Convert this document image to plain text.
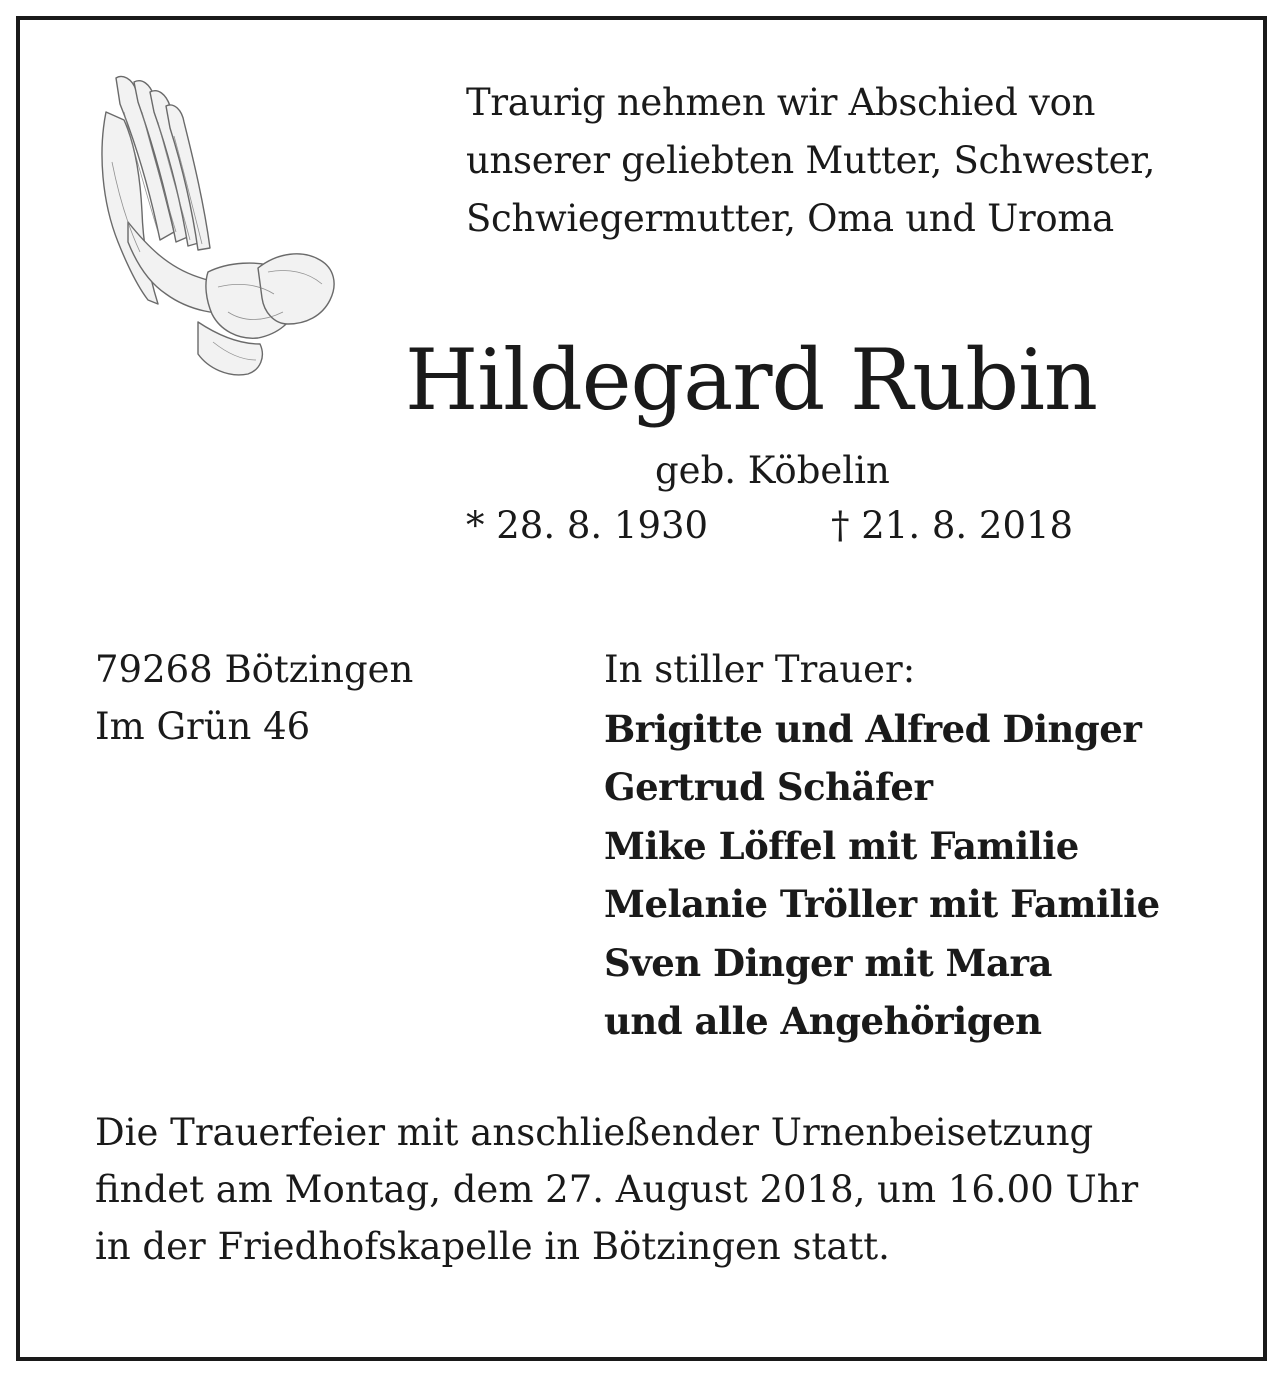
Traurig nehmen wir Abschied von
unserer geliebten Mutter, Schwester,
Schwiegermutter, Oma und Uroma
Hildegard Rubin
geb. Köbelin
* 28. 8. 1930	† 21. 8. 2018
79268 Bötzingen
Im Grün 46
In stiller Trauer:
Brigitte und Alfred Dinger
Gertrud Schäfer
Mike Löffel mit Familie
Melanie Tröller mit Familie
Sven Dinger mit Mara
und alle Angehörigen
Die Trauerfeier mit anschließender Urnenbeisetzung
findet am Montag, dem 27. August 2018, um 16.00 Uhr
in der Friedhofskapelle in Bötzingen statt.
